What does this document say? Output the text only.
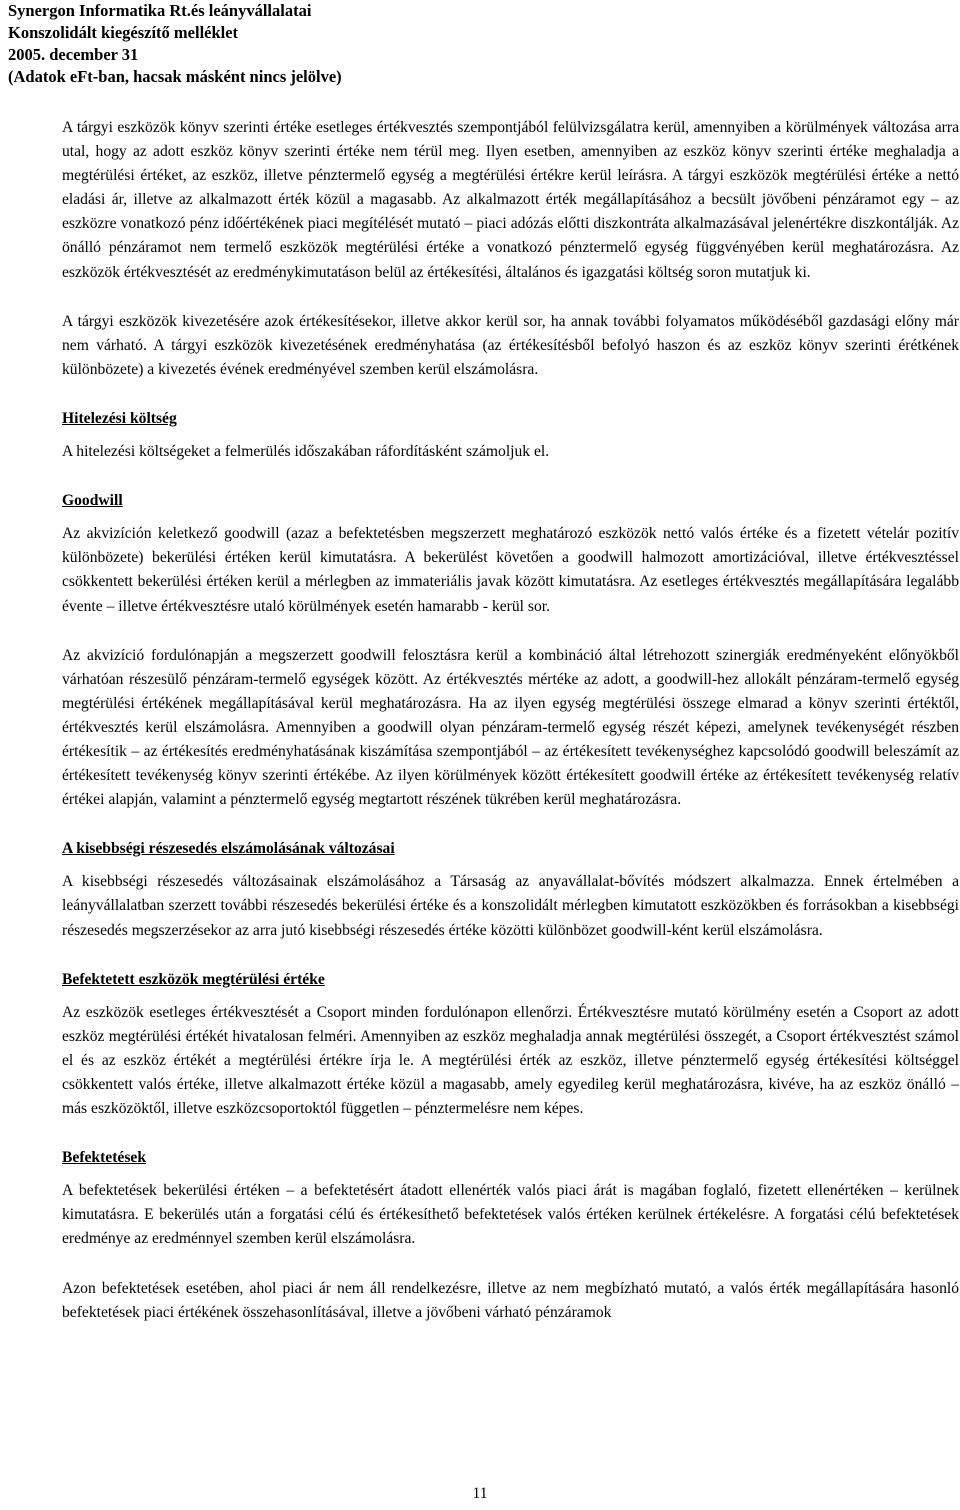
Synergon Informatika Rt.és leányvállalatai
Konszolidált kiegészítő melléklet
2005. december 31
(Adatok eFt-ban, hacsak másként nincs jelölve)

A tárgyi eszközök könyv szerinti értéke esetleges értékvesztés szempontjából felülvizsgálatra kerül, amennyiben a körülmények változása arra utal, hogy az adott eszköz könyv szerinti értéke nem térül meg. Ilyen esetben, amennyiben az eszköz könyv szerinti értéke meghaladja a megtérülési értéket, az eszköz, illetve pénztermelő egység a megtérülési értékre kerül leírásra. A tárgyi eszközök megtérülési értéke a nettó eladási ár, illetve az alkalmazott érték közül a magasabb. Az alkalmazott érték megállapításához a becsült jövőbeni pénzáramot egy – az eszközre vonatkozó pénz időértékének piaci megítélését mutató – piaci adózás előtti diszkontráta alkalmazásával jelenértékre diszkontálják. Az önálló pénzáramot nem termelő eszközök megtérülési értéke a vonatkozó pénztermelő egység függvényében kerül meghatározásra. Az eszközök értékvesztését az eredménykimutatáson belül az értékesítési, általános és igazgatási költség soron mutatjuk ki.

A tárgyi eszközök kivezetésére azok értékesítésekor, illetve akkor kerül sor, ha annak további folyamatos működéséből gazdasági előny már nem várható. A tárgyi eszközök kivezetésének eredményhatása (az értékesítésből befolyó haszon és az eszköz könyv szerinti érétkének különbözete) a kivezetés évének eredményével szemben kerül elszámolásra.

Hitelezési költség

A hitelezési költségeket a felmerülés időszakában ráfordításként számoljuk el.

Goodwill

Az akvizíción keletkező goodwill (azaz a befektetésben megszerzett meghatározó eszközök nettó valós értéke és a fizetett vételár pozitív különbözete) bekerülési értéken kerül kimutatásra. A bekerülést követően a goodwill halmozott amortizációval, illetve értékvesztéssel csökkentett bekerülési értéken kerül a mérlegben az immateriális javak között kimutatásra. Az esetleges értékvesztés megállapítására legalább évente – illetve értékvesztésre utaló körülmények esetén hamarabb - kerül sor.

Az akvizíció fordulónapján a megszerzett goodwill felosztásra kerül a kombináció által létrehozott szinergiák eredményeként előnyökből várhatóan részesülő pénzáram-termelő egységek között. Az értékvesztés mértéke az adott, a goodwill-hez allokált pénzáram-termelő egység megtérülési értékének megállapításával kerül meghatározásra. Ha az ilyen egység megtérülési összege elmarad a könyv szerinti értéktől, értékvesztés kerül elszámolásra. Amennyiben a goodwill olyan pénzáram-termelő egység részét képezi, amelynek tevékenységét részben értékesítik – az értékesítés eredményhatásának kiszámítása szempontjából – az értékesített tevékenységhez kapcsolódó goodwill beleszámít az értékesített tevékenység könyv szerinti értékébe. Az ilyen körülmények között értékesített goodwill értéke az értékesített tevékenység relatív értékei alapján, valamint a pénztermelő egység megtartott részének tükrében kerül meghatározásra.

A kisebbségi részesedés elszámolásának változásai

A kisebbségi részesedés változásainak elszámolásához a Társaság az anyavállalat-bővítés módszert alkalmazza. Ennek értelmében a leányvállalatban szerzett további részesedés bekerülési értéke és a konszolidált mérlegben kimutatott eszközökben és forrásokban a kisebbségi részesedés megszerzésekor az arra jutó kisebbségi részesedés értéke közötti különbözet goodwill-ként kerül elszámolásra.

Befektetett eszközök megtérülési értéke

Az eszközök esetleges értékvesztését a Csoport minden fordulónapon ellenőrzi. Értékvesztésre mutató körülmény esetén a Csoport az adott eszköz megtérülési értékét hivatalosan felméri. Amennyiben az eszköz meghaladja annak megtérülési összegét, a Csoport értékvesztést számol el és az eszköz értékét a megtérülési értékre írja le. A megtérülési érték az eszköz, illetve pénztermelő egység értékesítési költséggel csökkentett valós értéke, illetve alkalmazott értéke közül a magasabb, amely egyedileg kerül meghatározásra, kivéve, ha az eszköz önálló – más eszközöktől, illetve eszközcsoportoktól független – pénztermelésre nem képes.

Befektetések

A befektetések bekerülési értéken – a befektetésért átadott ellenérték valós piaci árát is magában foglaló, fizetett ellenértéken – kerülnek kimutatásra. E bekerülés után a forgatási célú és értékesíthető befektetések valós értéken kerülnek értékelésre. A forgatási célú befektetések eredménye az eredménnyel szemben kerül elszámolásra.

Azon befektetések esetében, ahol piaci ár nem áll rendelkezésre, illetve az nem megbízható mutató, a valós érték megállapítására hasonló befektetések piaci értékének összehasonlításával, illetve a jövőbeni várható pénzáramok

11
